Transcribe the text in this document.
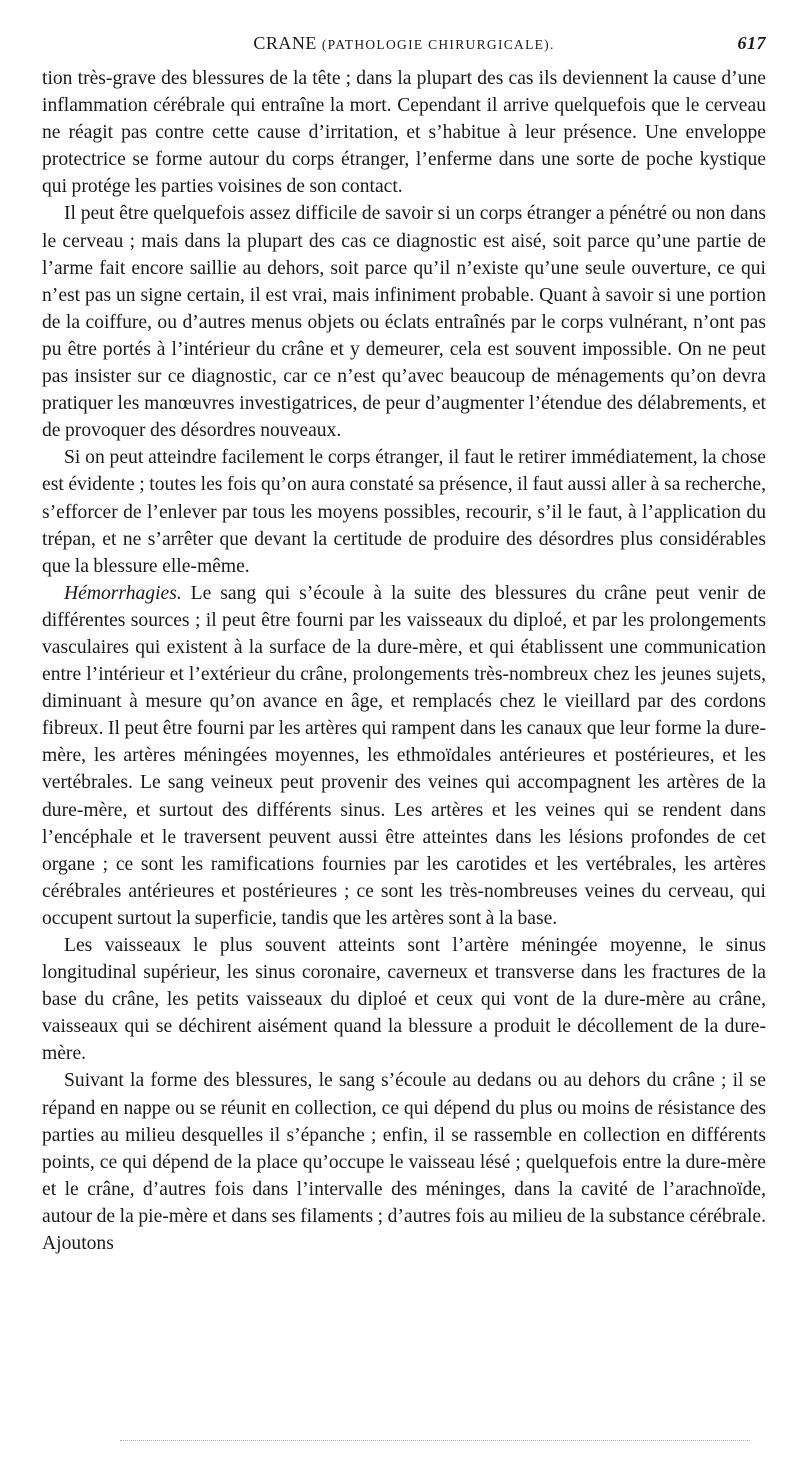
CRANE (PATHOLOGIE CHIRURGICALE).	617

tion très-grave des blessures de la tête ; dans la plupart des cas ils deviennent la cause d’une inflammation cérébrale qui entraîne la mort. Cependant il arrive quelquefois que le cerveau ne réagit pas contre cette cause d’irritation, et s’habitue à leur présence. Une enveloppe protectrice se forme autour du corps étranger, l’enferme dans une sorte de poche kystique qui protége les parties voisines de son contact.

Il peut être quelquefois assez difficile de savoir si un corps étranger a pénétré ou non dans le cerveau ; mais dans la plupart des cas ce diagnostic est aisé, soit parce qu’une partie de l’arme fait encore saillie au dehors, soit parce qu’il n’existe qu’une seule ouverture, ce qui n’est pas un signe certain, il est vrai, mais infiniment probable. Quant à savoir si une portion de la coiffure, ou d’autres menus objets ou éclats entraînés par le corps vulnérant, n’ont pas pu être portés à l’intérieur du crâne et y demeurer, cela est souvent impossible. On ne peut pas insister sur ce diagnostic, car ce n’est qu’avec beaucoup de ménagements qu’on devra pratiquer les manœuvres investigatrices, de peur d’augmenter l’étendue des délabrements, et de provoquer des désordres nouveaux.

Si on peut atteindre facilement le corps étranger, il faut le retirer immédiatement, la chose est évidente ; toutes les fois qu’on aura constaté sa présence, il faut aussi aller à sa recherche, s’efforcer de l’enlever par tous les moyens possibles, recourir, s’il le faut, à l’application du trépan, et ne s’arrêter que devant la certitude de produire des désordres plus considérables que la blessure elle-même.

Hémorrhagies. Le sang qui s’écoule à la suite des blessures du crâne peut venir de différentes sources ; il peut être fourni par les vaisseaux du diploé, et par les prolongements vasculaires qui existent à la surface de la dure-mère, et qui établissent une communication entre l’intérieur et l’extérieur du crâne, prolongements très-nombreux chez les jeunes sujets, diminuant à mesure qu’on avance en âge, et remplacés chez le vieillard par des cordons fibreux. Il peut être fourni par les artères qui rampent dans les canaux que leur forme la dure-mère, les artères méningées moyennes, les ethmoïdales antérieures et postérieures, et les vertébrales. Le sang veineux peut provenir des veines qui accompagnent les artères de la dure-mère, et surtout des différents sinus. Les artères et les veines qui se rendent dans l’encéphale et le traversent peuvent aussi être atteintes dans les lésions profondes de cet organe ; ce sont les ramifications fournies par les carotides et les vertébrales, les artères cérébrales antérieures et postérieures ; ce sont les très-nombreuses veines du cerveau, qui occupent surtout la superficie, tandis que les artères sont à la base.

Les vaisseaux le plus souvent atteints sont l’artère méningée moyenne, le sinus longitudinal supérieur, les sinus coronaire, caverneux et transverse dans les fractures de la base du crâne, les petits vaisseaux du diploé et ceux qui vont de la dure-mère au crâne, vaisseaux qui se déchirent aisément quand la blessure a produit le décollement de la dure-mère.

Suivant la forme des blessures, le sang s’écoule au dedans ou au dehors du crâne ; il se répand en nappe ou se réunit en collection, ce qui dépend du plus ou moins de résistance des parties au milieu desquelles il s’épanche ; enfin, il se rassemble en collection en différents points, ce qui dépend de la place qu’occupe le vaisseau lésé ; quelquefois entre la dure-mère et le crâne, d’autres fois dans l’intervalle des méninges, dans la cavité de l’arachnoïde, autour de la pie-mère et dans ses filaments ; d’autres fois au milieu de la substance cérébrale. Ajoutons
